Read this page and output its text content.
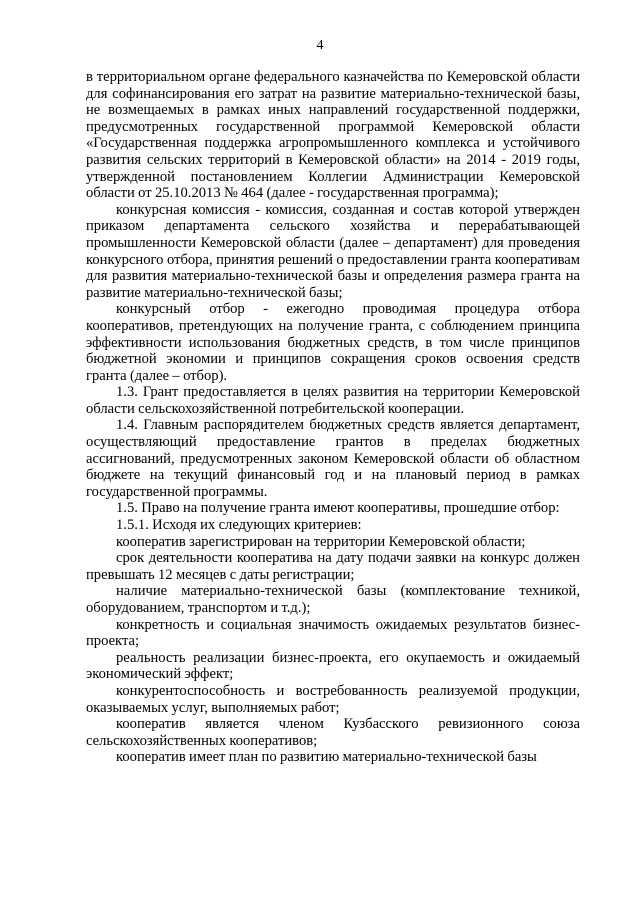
4

в территориальном органе федерального казначейства по Кемеровской области для софинансирования его затрат на развитие материально-технической базы, не возмещаемых в рамках иных направлений государственной поддержки, предусмотренных государственной программой Кемеровской области «Государственная поддержка агропромышленного комплекса и устойчивого развития сельских территорий в Кемеровской области» на 2014 - 2019 годы, утвержденной постановлением Коллегии Администрации Кемеровской области от 25.10.2013 № 464 (далее - государственная программа);

конкурсная комиссия - комиссия, созданная и состав которой утвержден приказом департамента сельского хозяйства и перерабатывающей промышленности Кемеровской области (далее – департамент) для проведения конкурсного отбора, принятия решений о предоставлении гранта кооперативам для развития материально-технической базы и определения размера гранта на развитие материально-технической базы;

конкурсный отбор - ежегодно проводимая процедура отбора кооперативов, претендующих на получение гранта, с соблюдением принципа эффективности использования бюджетных средств, в том числе принципов бюджетной экономии и принципов сокращения сроков освоения средств гранта (далее – отбор).

1.3. Грант предоставляется в целях развития на территории Кемеровской области сельскохозяйственной потребительской кооперации.

1.4. Главным распорядителем бюджетных средств является департамент, осуществляющий предоставление грантов в пределах бюджетных ассигнований, предусмотренных законом Кемеровской области об областном бюджете на текущий финансовый год и на плановый период в рамках государственной программы.

1.5. Право на получение гранта имеют кооперативы, прошедшие отбор:

1.5.1. Исходя их следующих критериев:

кооператив зарегистрирован на территории Кемеровской области;

срок деятельности кооператива на дату подачи заявки на конкурс должен превышать 12 месяцев с даты регистрации;

наличие материально-технической базы (комплектование техникой, оборудованием, транспортом и т.д.);

конкретность и социальная значимость ожидаемых результатов бизнес-проекта;

реальность реализации бизнес-проекта, его окупаемость и ожидаемый экономический эффект;

конкурентоспособность и востребованность реализуемой продукции, оказываемых услуг, выполняемых работ;

кооператив является членом Кузбасского ревизионного союза сельскохозяйственных кооперативов;

кооператив имеет план по развитию материально-технической базы
